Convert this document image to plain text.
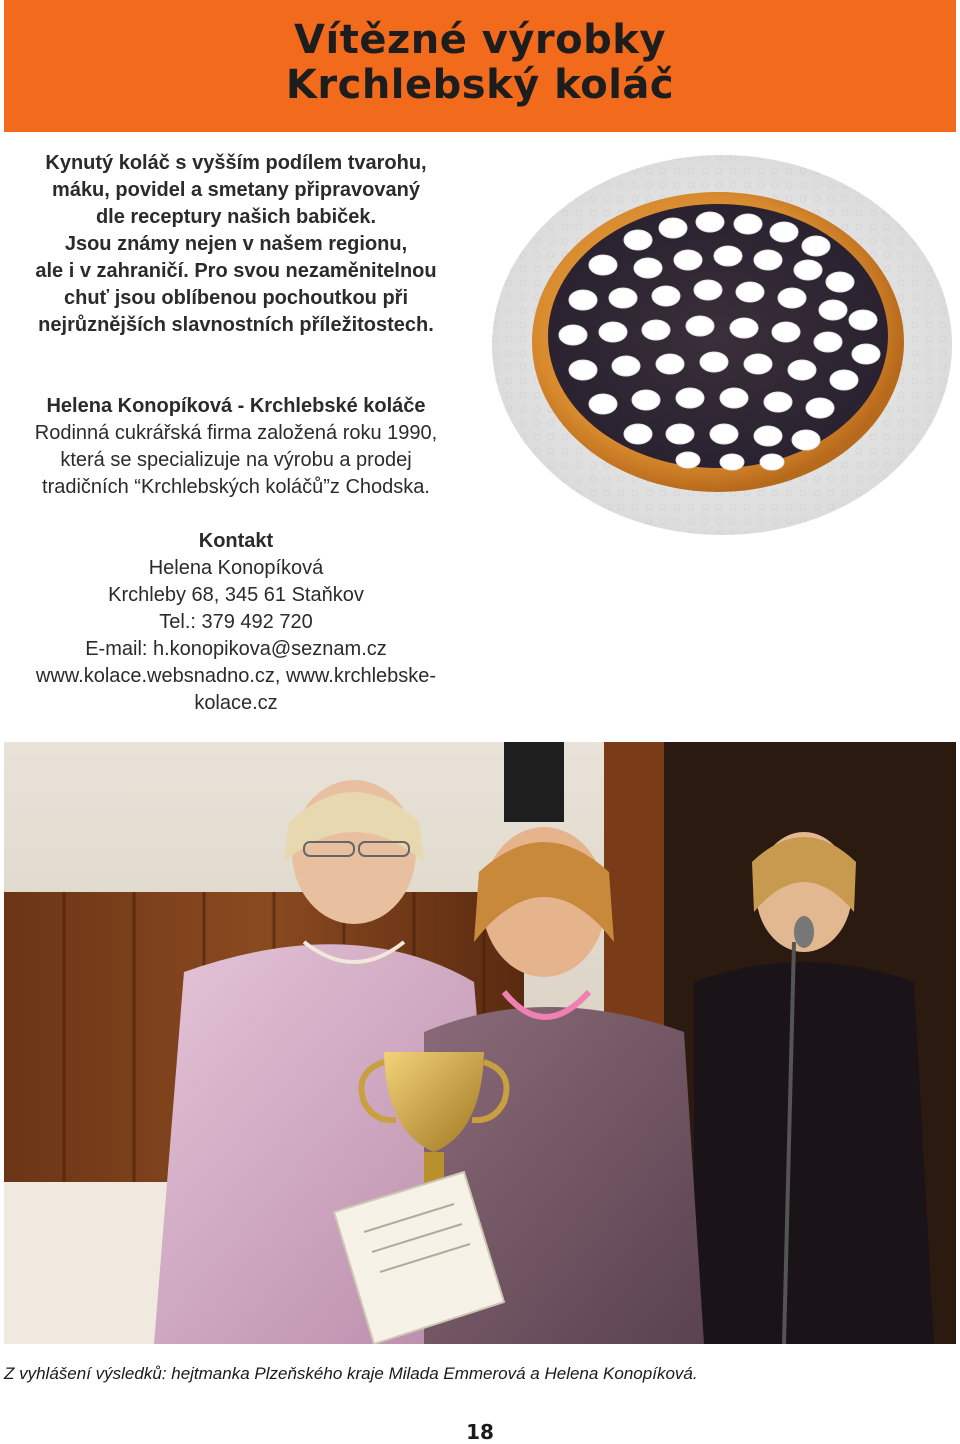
Vítězné výrobky
Krchlebský koláč
Kynutý koláč s vyšším podílem tvarohu,
máku, povidel a smetany připravovaný
dle receptury našich babiček.
Jsou známy nejen v našem regionu,
ale i v zahraničí. Pro svou nezaměnitelnou
chuť jsou oblíbenou pochoutkou při
nejrůznějších slavnostních příležitostech.
Helena Konopíková - Krchlebské koláče
Rodinná cukrářská firma založená roku 1990,
která se specializuje na výrobu a prodej
tradičních “Krchlebských koláčů”z Chodska.
Kontakt
Helena Konopíková
Krchleby 68, 345 61 Staňkov
Tel.: 379 492 720
E-mail: h.konopikova@seznam.cz
www.kolace.websnadno.cz, www.krchlebske-
kolace.cz
Z vyhlášení výsledků: hejtmanka Plzeňského kraje Milada Emmerová a Helena Konopíková.
18
